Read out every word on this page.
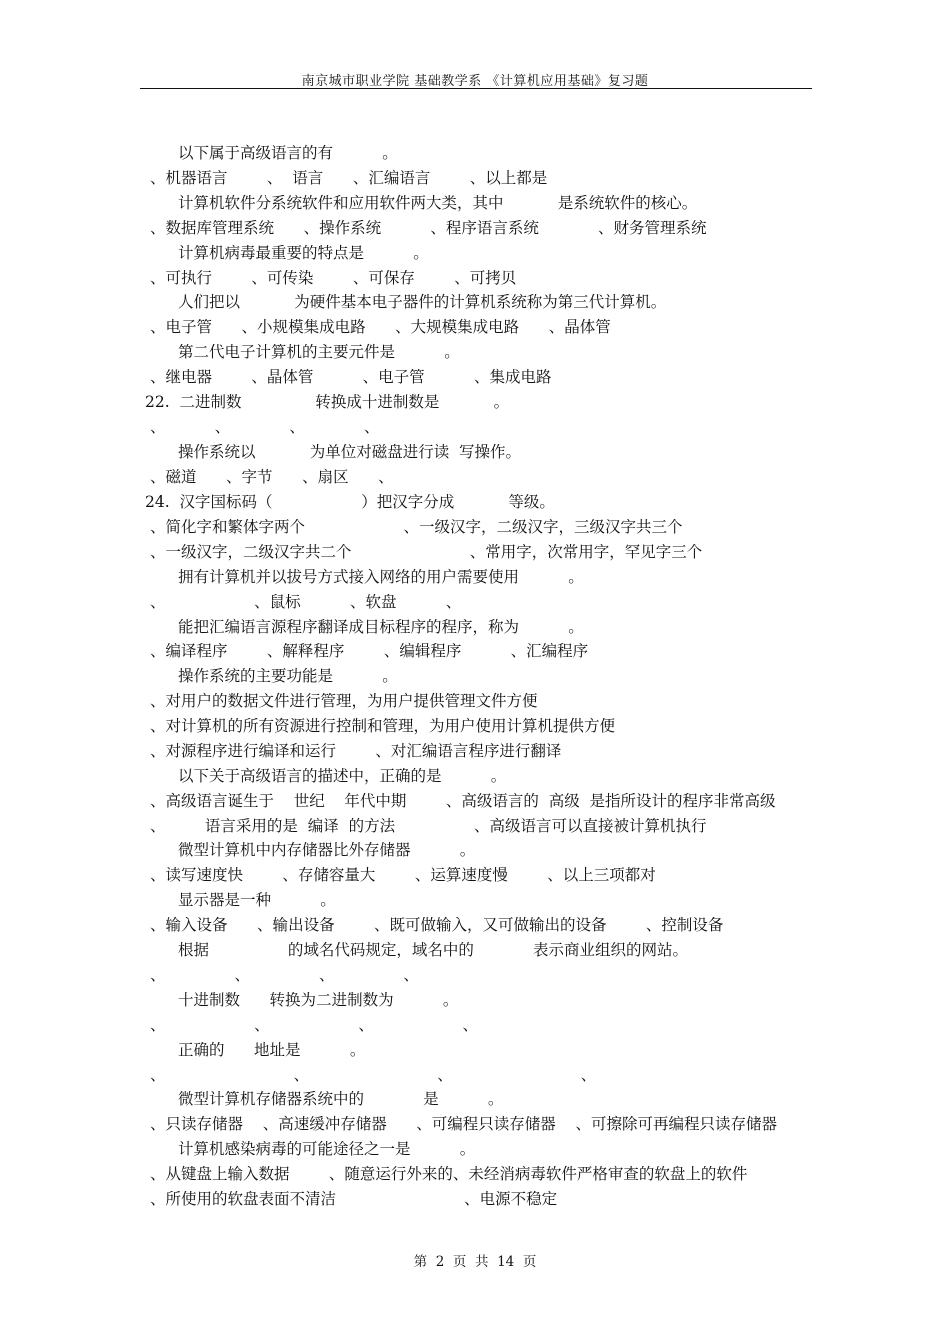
南京城市职业学院 基础教学系 《计算机应用基础》复习题
以下属于高级语言的有          。
、机器语言        、  语言      、汇编语言        、以上都是
计算机软件分系统软件和应用软件两大类，其中           是系统软件的核心。
、数据库管理系统      、操作系统          、程序语言系统            、财务管理系统
计算机病毒最重要的特点是          。
、可执行        、可传染        、可保存        、可拷贝
人们把以           为硬件基本电子器件的计算机系统称为第三代计算机。
、电子管      、小规模集成电路      、大规模集成电路      、晶体管
第二代电子计算机的主要元件是          。
、继电器        、晶体管          、电子管          、集成电路
22.  二进制数               转换成十进制数是           。
、          、            、            、
操作系统以           为单位对磁盘进行读  写操作。
、磁道      、字节      、扇区      、
24.  汉字国标码（                  ）把汉字分成           等级。
、简化字和繁体字两个                    、一级汉字，二级汉字，三级汉字共三个
、一级汉字，二级汉字共二个                        、常用字，次常用字，罕见字三个
拥有计算机并以拔号方式接入网络的用户需要使用          。
、                  、鼠标          、软盘          、
能把汇编语言源程序翻译成目标程序的程序，称为          。
、编译程序        、解释程序        、编辑程序          、汇编程序
操作系统的主要功能是          。
、对用户的数据文件进行管理，为用户提供管理文件方便
、对计算机的所有资源进行控制和管理，为用户使用计算机提供方便
、对源程序进行编译和运行        、对汇编语言程序进行翻译
以下关于高级语言的描述中，正确的是          。
、高级语言诞生于    世纪    年代中期        、高级语言的  高级  是指所设计的程序非常高级
、        语言采用的是  编译  的方法                、高级语言可以直接被计算机执行
微型计算机中内存储器比外存储器          。
、读写速度快        、存储容量大        、运算速度慢        、以上三项都对
显示器是一种          。
、输入设备      、输出设备        、既可做输入，又可做输出的设备        、控制设备
根据                的域名代码规定，域名中的            表示商业组织的网站。
、              、              、              、
十进制数      转换为二进制数为          。
、                  、                  、                  、
正确的      地址是          。
、                          、                          、                          、
微型计算机存储器系统中的            是          。
、只读存储器    、高速缓冲存储器      、可编程只读存储器    、可擦除可再编程只读存储器
计算机感染病毒的可能途径之一是          。
、从键盘上输入数据        、随意运行外来的、未经消病毒软件严格审查的软盘上的软件
、所使用的软盘表面不清洁                          、电源不稳定
第  2  页  共  14  页
